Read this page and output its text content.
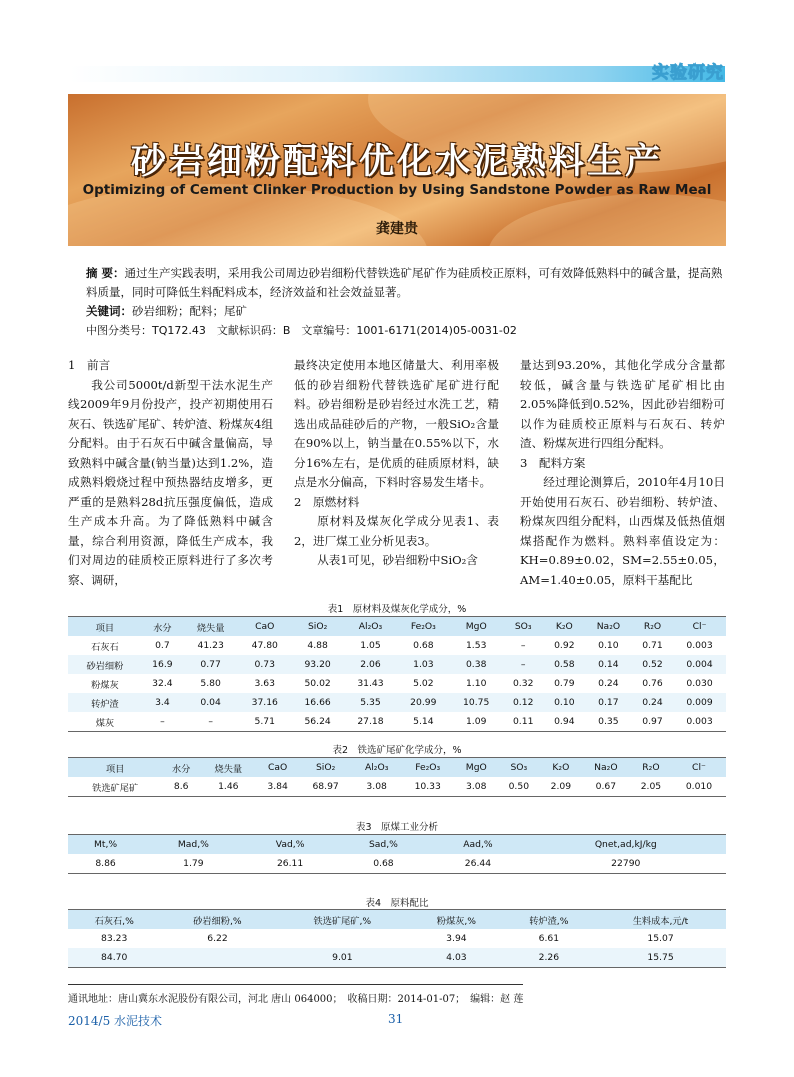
实验研究
砂岩细粉配料优化水泥熟料生产
Optimizing of Cement Clinker Production by Using Sandstone Powder as Raw Meal
龚建贵
摘 要：通过生产实践表明，采用我公司周边砂岩细粉代替铁选矿尾矿作为硅质校正原料，可有效降低熟料中的碱含量，提高熟料质量，同时可降低生料配料成本，经济效益和社会效益显著。
关键词：砂岩细粉；配料；尾矿
中图分类号：TQ172.43　文献标识码：B　文章编号：1001-6171(2014)05-0031-02

1　前言

我公司5000t/d新型干法水泥生产线2009年9月份投产，投产初期使用石灰石、铁选矿尾矿、转炉渣、粉煤灰4组分配料。由于石灰石中碱含量偏高，导致熟料中碱含量(钠当量)达到1.2%，造成熟料煅烧过程中预热器结皮增多，更严重的是熟料28d抗压强度偏低，造成生产成本升高。为了降低熟料中碱含量，综合利用资源，降低生产成本，我们对周边的硅质校正原料进行了多次考察、调研，

最终决定使用本地区储量大、利用率极低的砂岩细粉代替铁选矿尾矿进行配料。砂岩细粉是砂岩经过水洗工艺，精选出成品硅砂后的产物，一般SiO₂含量在90%以上，钠当量在0.55%以下，水分16%左右，是优质的硅质原材料，缺点是水分偏高，下料时容易发生堵卡。

2　原燃材料

原材料及煤灰化学成分见表1、表2，进厂煤工业分析见表3。

从表1可见，砂岩细粉中SiO₂含

量达到93.20%，其他化学成分含量都较低，碱含量与铁选矿尾矿相比由2.05%降低到0.52%，因此砂岩细粉可以作为硅质校正原料与石灰石、转炉渣、粉煤灰进行四组分配料。

3　配料方案

经过理论测算后，2010年4月10日开始使用石灰石、砂岩细粉、转炉渣、粉煤灰四组分配料，山西煤及低热值烟煤搭配作为燃料。熟料率值设定为：KH=0.89±0.02，SM=2.55±0.05，AM=1.40±0.05，原料干基配比

表1　原材料及煤灰化学成分，%
项目	水分	烧失量	CaO	SiO₂	Al₂O₃	Fe₂O₃	MgO	SO₃	K₂O	Na₂O	R₂O	Cl⁻
石灰石	0.7	41.23	47.80	4.88	1.05	0.68	1.53	–	0.92	0.10	0.71	0.003
砂岩细粉	16.9	0.77	0.73	93.20	2.06	1.03	0.38	–	0.58	0.14	0.52	0.004
粉煤灰	32.4	5.80	3.63	50.02	31.43	5.02	1.10	0.32	0.79	0.24	0.76	0.030
转炉渣	3.4	0.04	37.16	16.66	5.35	20.99	10.75	0.12	0.10	0.17	0.24	0.009
煤灰	–	–	5.71	56.24	27.18	5.14	1.09	0.11	0.94	0.35	0.97	0.003
表2　铁选矿尾矿化学成分，%
项目	水分	烧失量	CaO	SiO₂	Al₂O₃	Fe₂O₃	MgO	SO₃	K₂O	Na₂O	R₂O	Cl⁻
铁选矿尾矿	8.6	1.46	3.84	68.97	3.08	10.33	3.08	0.50	2.09	0.67	2.05	0.010
表3　原煤工业分析
Mt,%	Mad,%	Vad,%	Sad,%	Aad,%	Qnet,ad,kJ/kg
8.86	1.79	26.11	0.68	26.44	22790
表4　原料配比
石灰石,%	砂岩细粉,%	铁选矿尾矿,%	粉煤灰,%	转炉渣,%	生料成本,元/t
83.23	6.22		3.94	6.61	15.07
84.70		9.01	4.03	2.26	15.75
通讯地址：唐山冀东水泥股份有限公司，河北 唐山 064000；　收稿日期：2014-01-07；　编辑：赵 莲
2014/5 水泥技术	31
